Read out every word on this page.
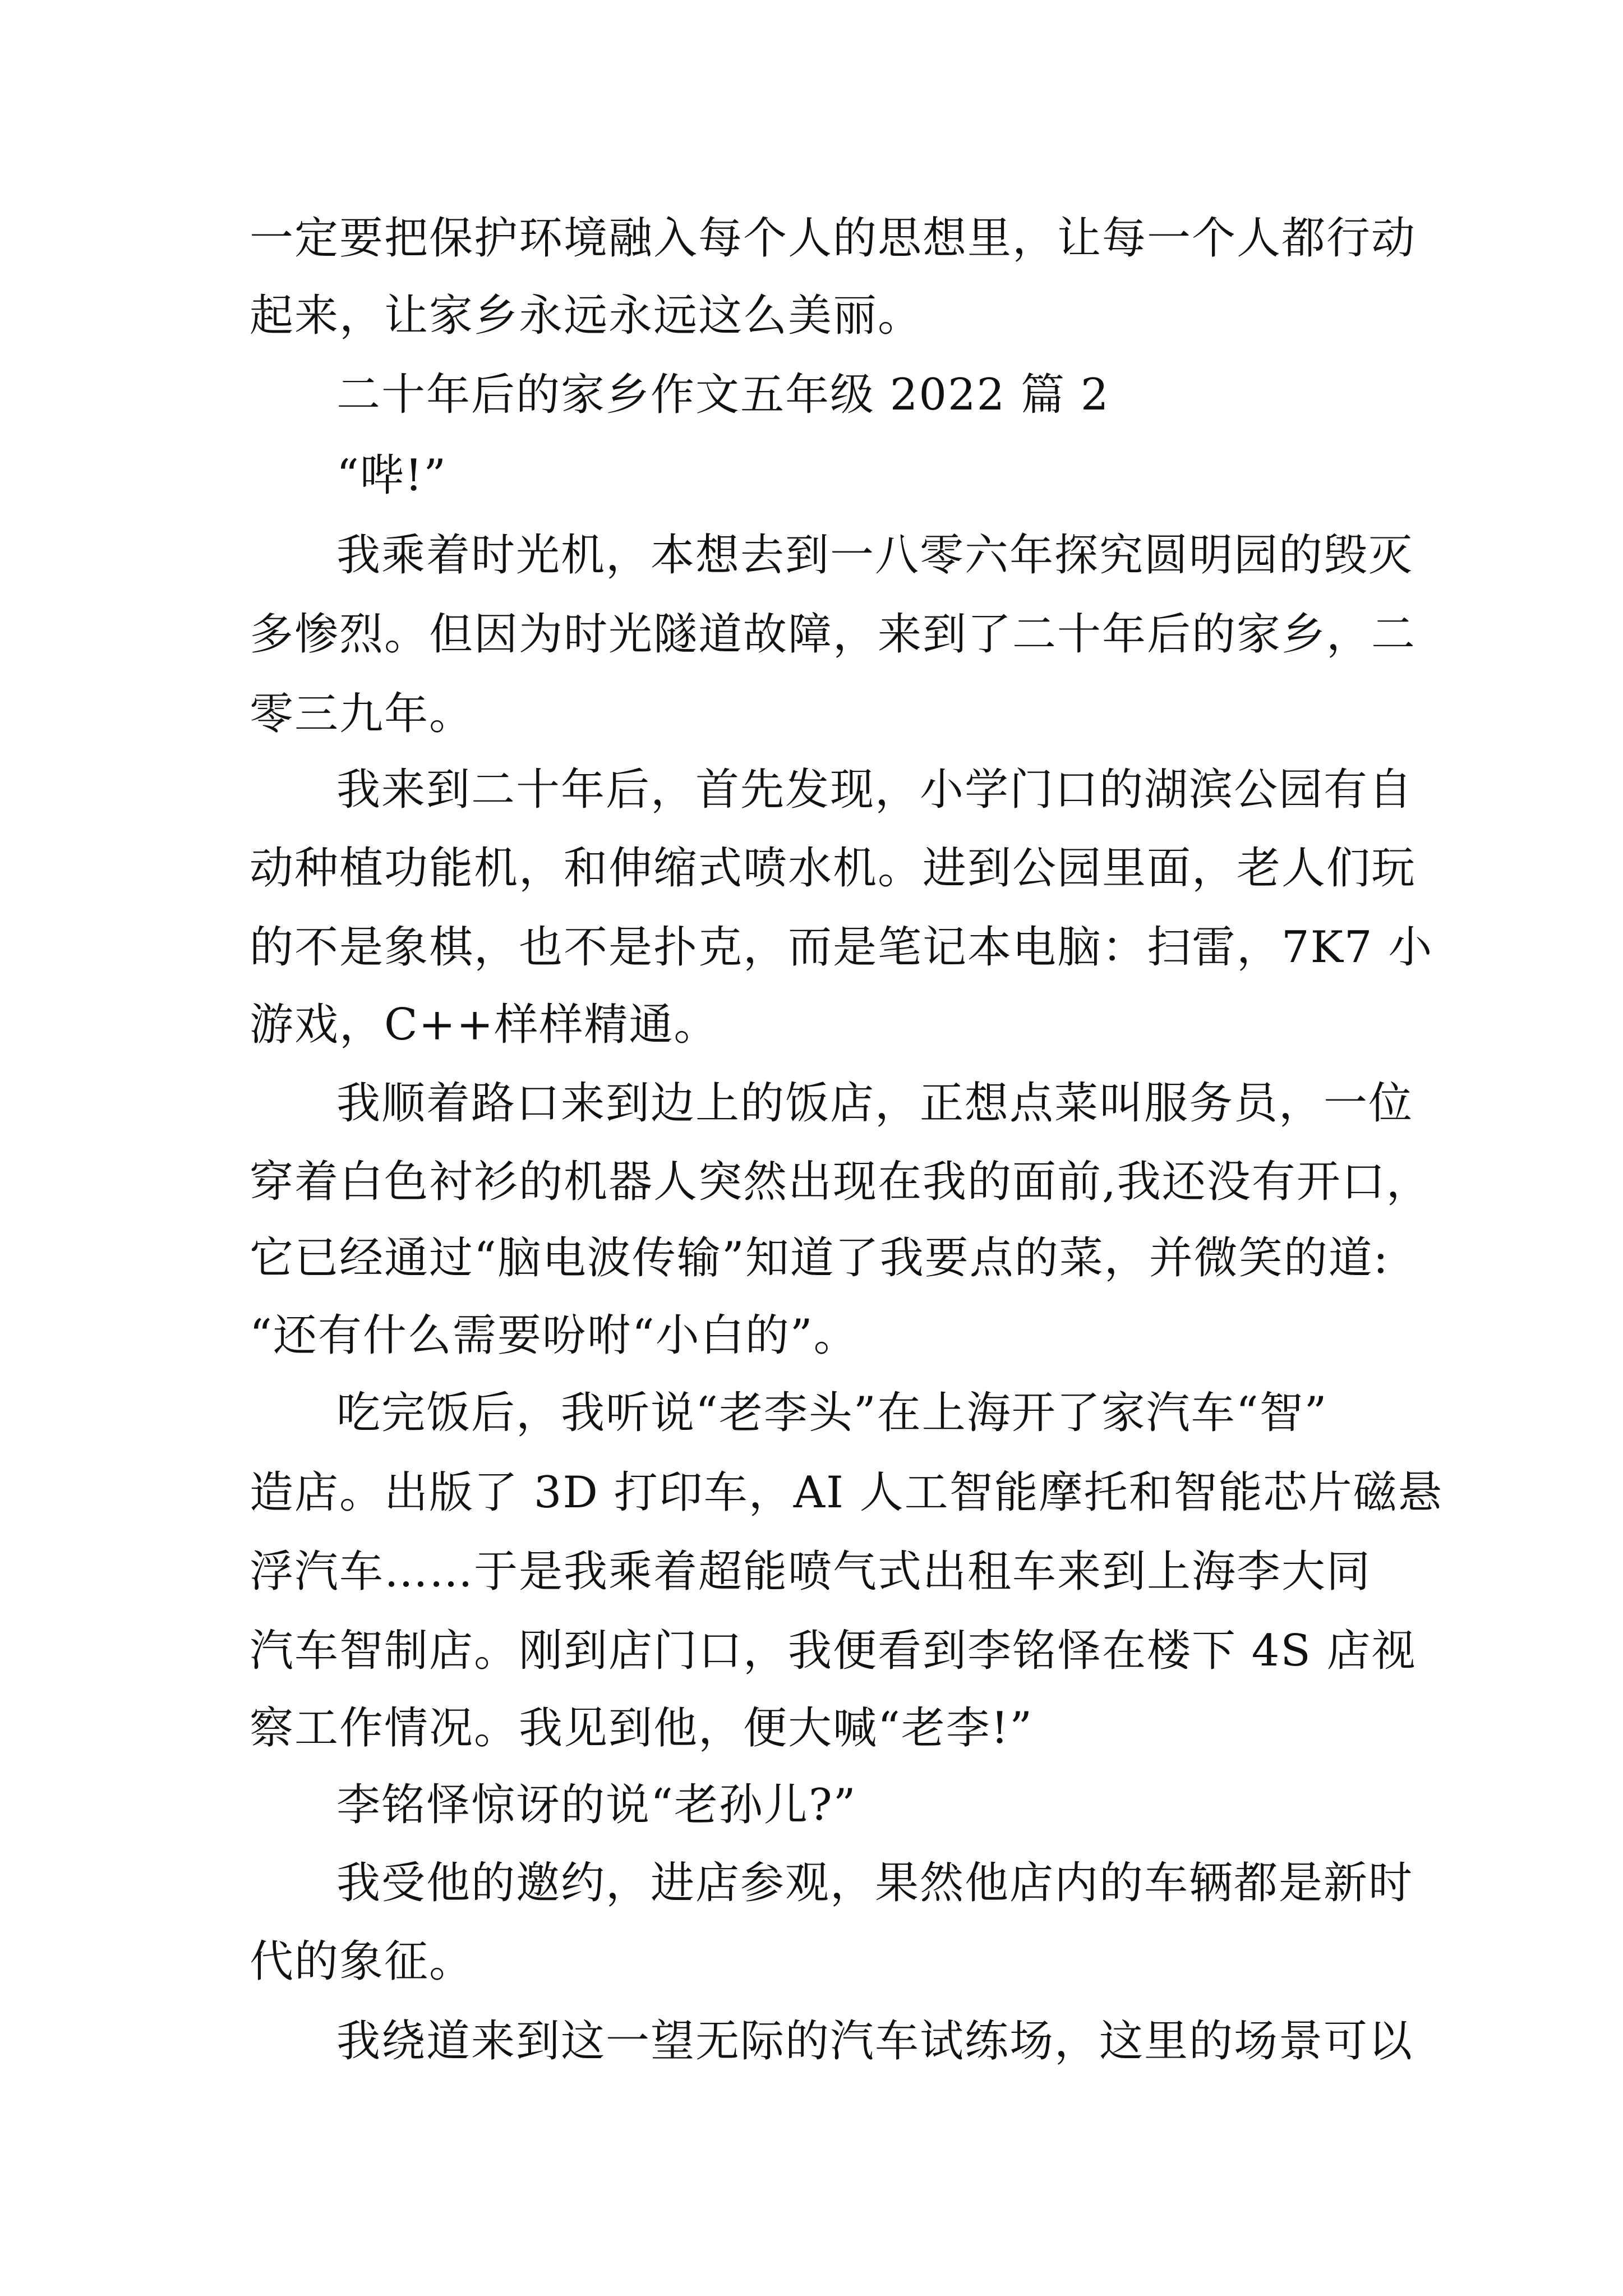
一定要把保护环境融入每个人的思想里，让每一个人都行动
起来，让家乡永远永远这么美丽。
二十年后的家乡作文五年级 2022 篇 2
“哔!”
我乘着时光机，本想去到一八零六年探究圆明园的毁灭
多惨烈。但因为时光隧道故障，来到了二十年后的家乡，二
零三九年。
我来到二十年后，首先发现，小学门口的湖滨公园有自
动种植功能机，和伸缩式喷水机。进到公园里面，老人们玩
的不是象棋，也不是扑克，而是笔记本电脑：扫雷，7K7 小
游戏，C++样样精通。
我顺着路口来到边上的饭店，正想点菜叫服务员，一位
穿着白色衬衫的机器人突然出现在我的面前,我还没有开口，
它已经通过“脑电波传输”知道了我要点的菜，并微笑的道:
“还有什么需要吩咐“小白的”。
吃完饭后，我听说“老李头”在上海开了家汽车“智”
造店。出版了 3D 打印车，AI 人工智能摩托和智能芯片磁悬
浮汽车……于是我乘着超能喷气式出租车来到上海李大同
汽车智制店。刚到店门口，我便看到李铭怿在楼下 4S 店视
察工作情况。我见到他，便大喊“老李!”
李铭怿惊讶的说“老孙儿?”
我受他的邀约，进店参观，果然他店内的车辆都是新时
代的象征。
我绕道来到这一望无际的汽车试练场，这里的场景可以
